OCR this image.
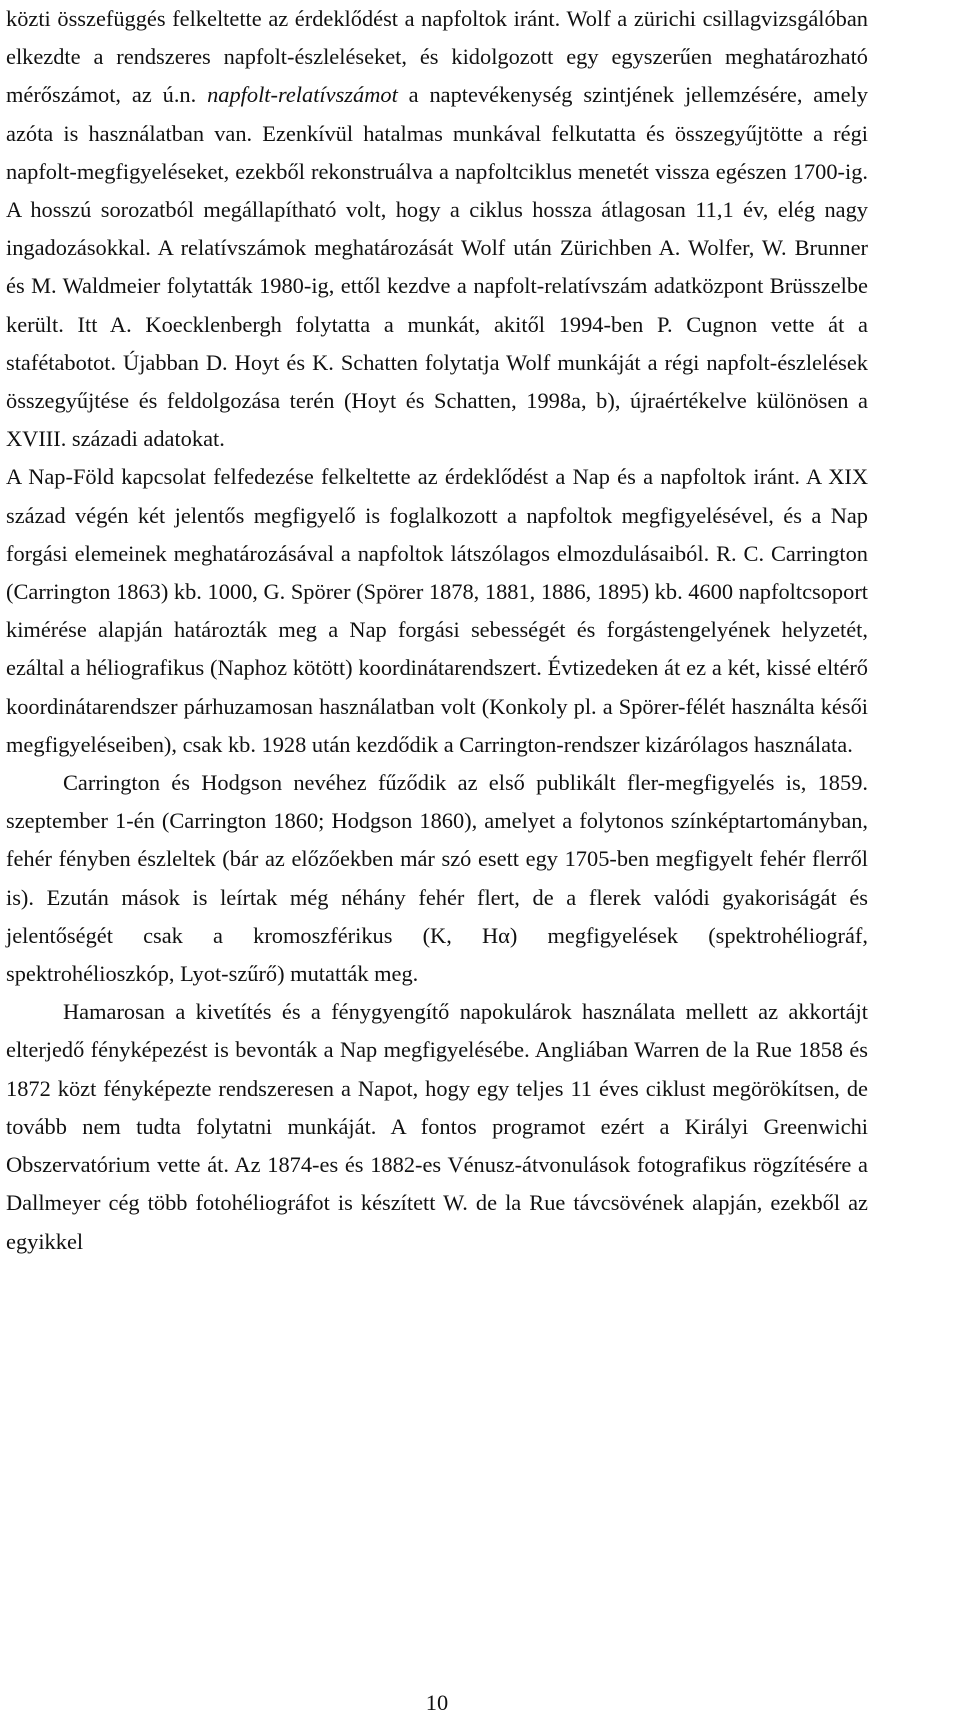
közti összefüggés felkeltette az érdeklődést a napfoltok iránt. Wolf a zürichi csillagvizsgálóban elkezdte a rendszeres napfolt-észleléseket, és kidolgozott egy egyszerűen meghatározható mérőszámot, az ú.n. napfolt-relatívszámot a naptevékenység szintjének jellemzésére, amely azóta is használatban van. Ezenkívül hatalmas munkával felkutatta és összegyűjtötte a régi napfolt-megfigyeléseket, ezekből rekonstruálva a napfoltciklus menetét vissza egészen 1700-ig. A hosszú sorozatból megállapítható volt, hogy a ciklus hossza átlagosan 11,1 év, elég nagy ingadozásokkal. A relatívszámok meghatározását Wolf után Zürichben A. Wolfer, W. Brunner és M. Waldmeier folytatták 1980-ig, ettől kezdve a napfolt-relatívszám adatközpont Brüsszelbe került. Itt A. Koecklenbergh folytatta a munkát, akitől 1994-ben P. Cugnon vette át a stafétabotot. Újabban D. Hoyt és K. Schatten folytatja Wolf munkáját a régi napfolt-észlelések összegyűjtése és feldolgozása terén (Hoyt és Schatten, 1998a, b), újraértékelve különösen a XVIII. századi adatokat.

A Nap-Föld kapcsolat felfedezése felkeltette az érdeklődést a Nap és a napfoltok iránt. A XIX század végén két jelentős megfigyelő is foglalkozott a napfoltok megfigyelésével, és a Nap forgási elemeinek meghatározásával a napfoltok látszólagos elmozdulásaiból. R. C. Carrington (Carrington 1863) kb. 1000, G. Spörer (Spörer 1878, 1881, 1886, 1895) kb. 4600 napfoltcsoport kimérése alapján határozták meg a Nap forgási sebességét és forgástengelyének helyzetét, ezáltal a héliografikus (Naphoz kötött) koordinátarendszert. Évtizedeken át ez a két, kissé eltérő koordinátarendszer párhuzamosan használatban volt (Konkoly pl. a Spörer-félét használta késői megfigyeléseiben), csak kb. 1928 után kezdődik a Carrington-rendszer kizárólagos használata.

Carrington és Hodgson nevéhez fűződik az első publikált fler-megfigyelés is, 1859. szeptember 1-én (Carrington 1860; Hodgson 1860), amelyet a folytonos színképtartományban, fehér fényben észleltek (bár az előzőekben már szó esett egy 1705-ben megfigyelt fehér flerről is). Ezután mások is leírtak még néhány fehér flert, de a flerek valódi gyakoriságát és jelentőségét csak a kromoszférikus (K, Hα) megfigyelések (spektrohéliográf, spektrohélioszkóp, Lyot-szűrő) mutatták meg.

Hamarosan a kivetítés és a fénygyengítő napokulárok használata mellett az akkortájt elterjedő fényképezést is bevonták a Nap megfigyelésébe. Angliában Warren de la Rue 1858 és 1872 közt fényképezte rendszeresen a Napot, hogy egy teljes 11 éves ciklust megörökítsen, de tovább nem tudta folytatni munkáját. A fontos programot ezért a Királyi Greenwichi Obszervatórium vette át. Az 1874-es és 1882-es Vénusz-átvonulások fotografikus rögzítésére a Dallmeyer cég több fotohéliográfot is készített W. de la Rue távcsövének alapján, ezekből az egyikkel

10
